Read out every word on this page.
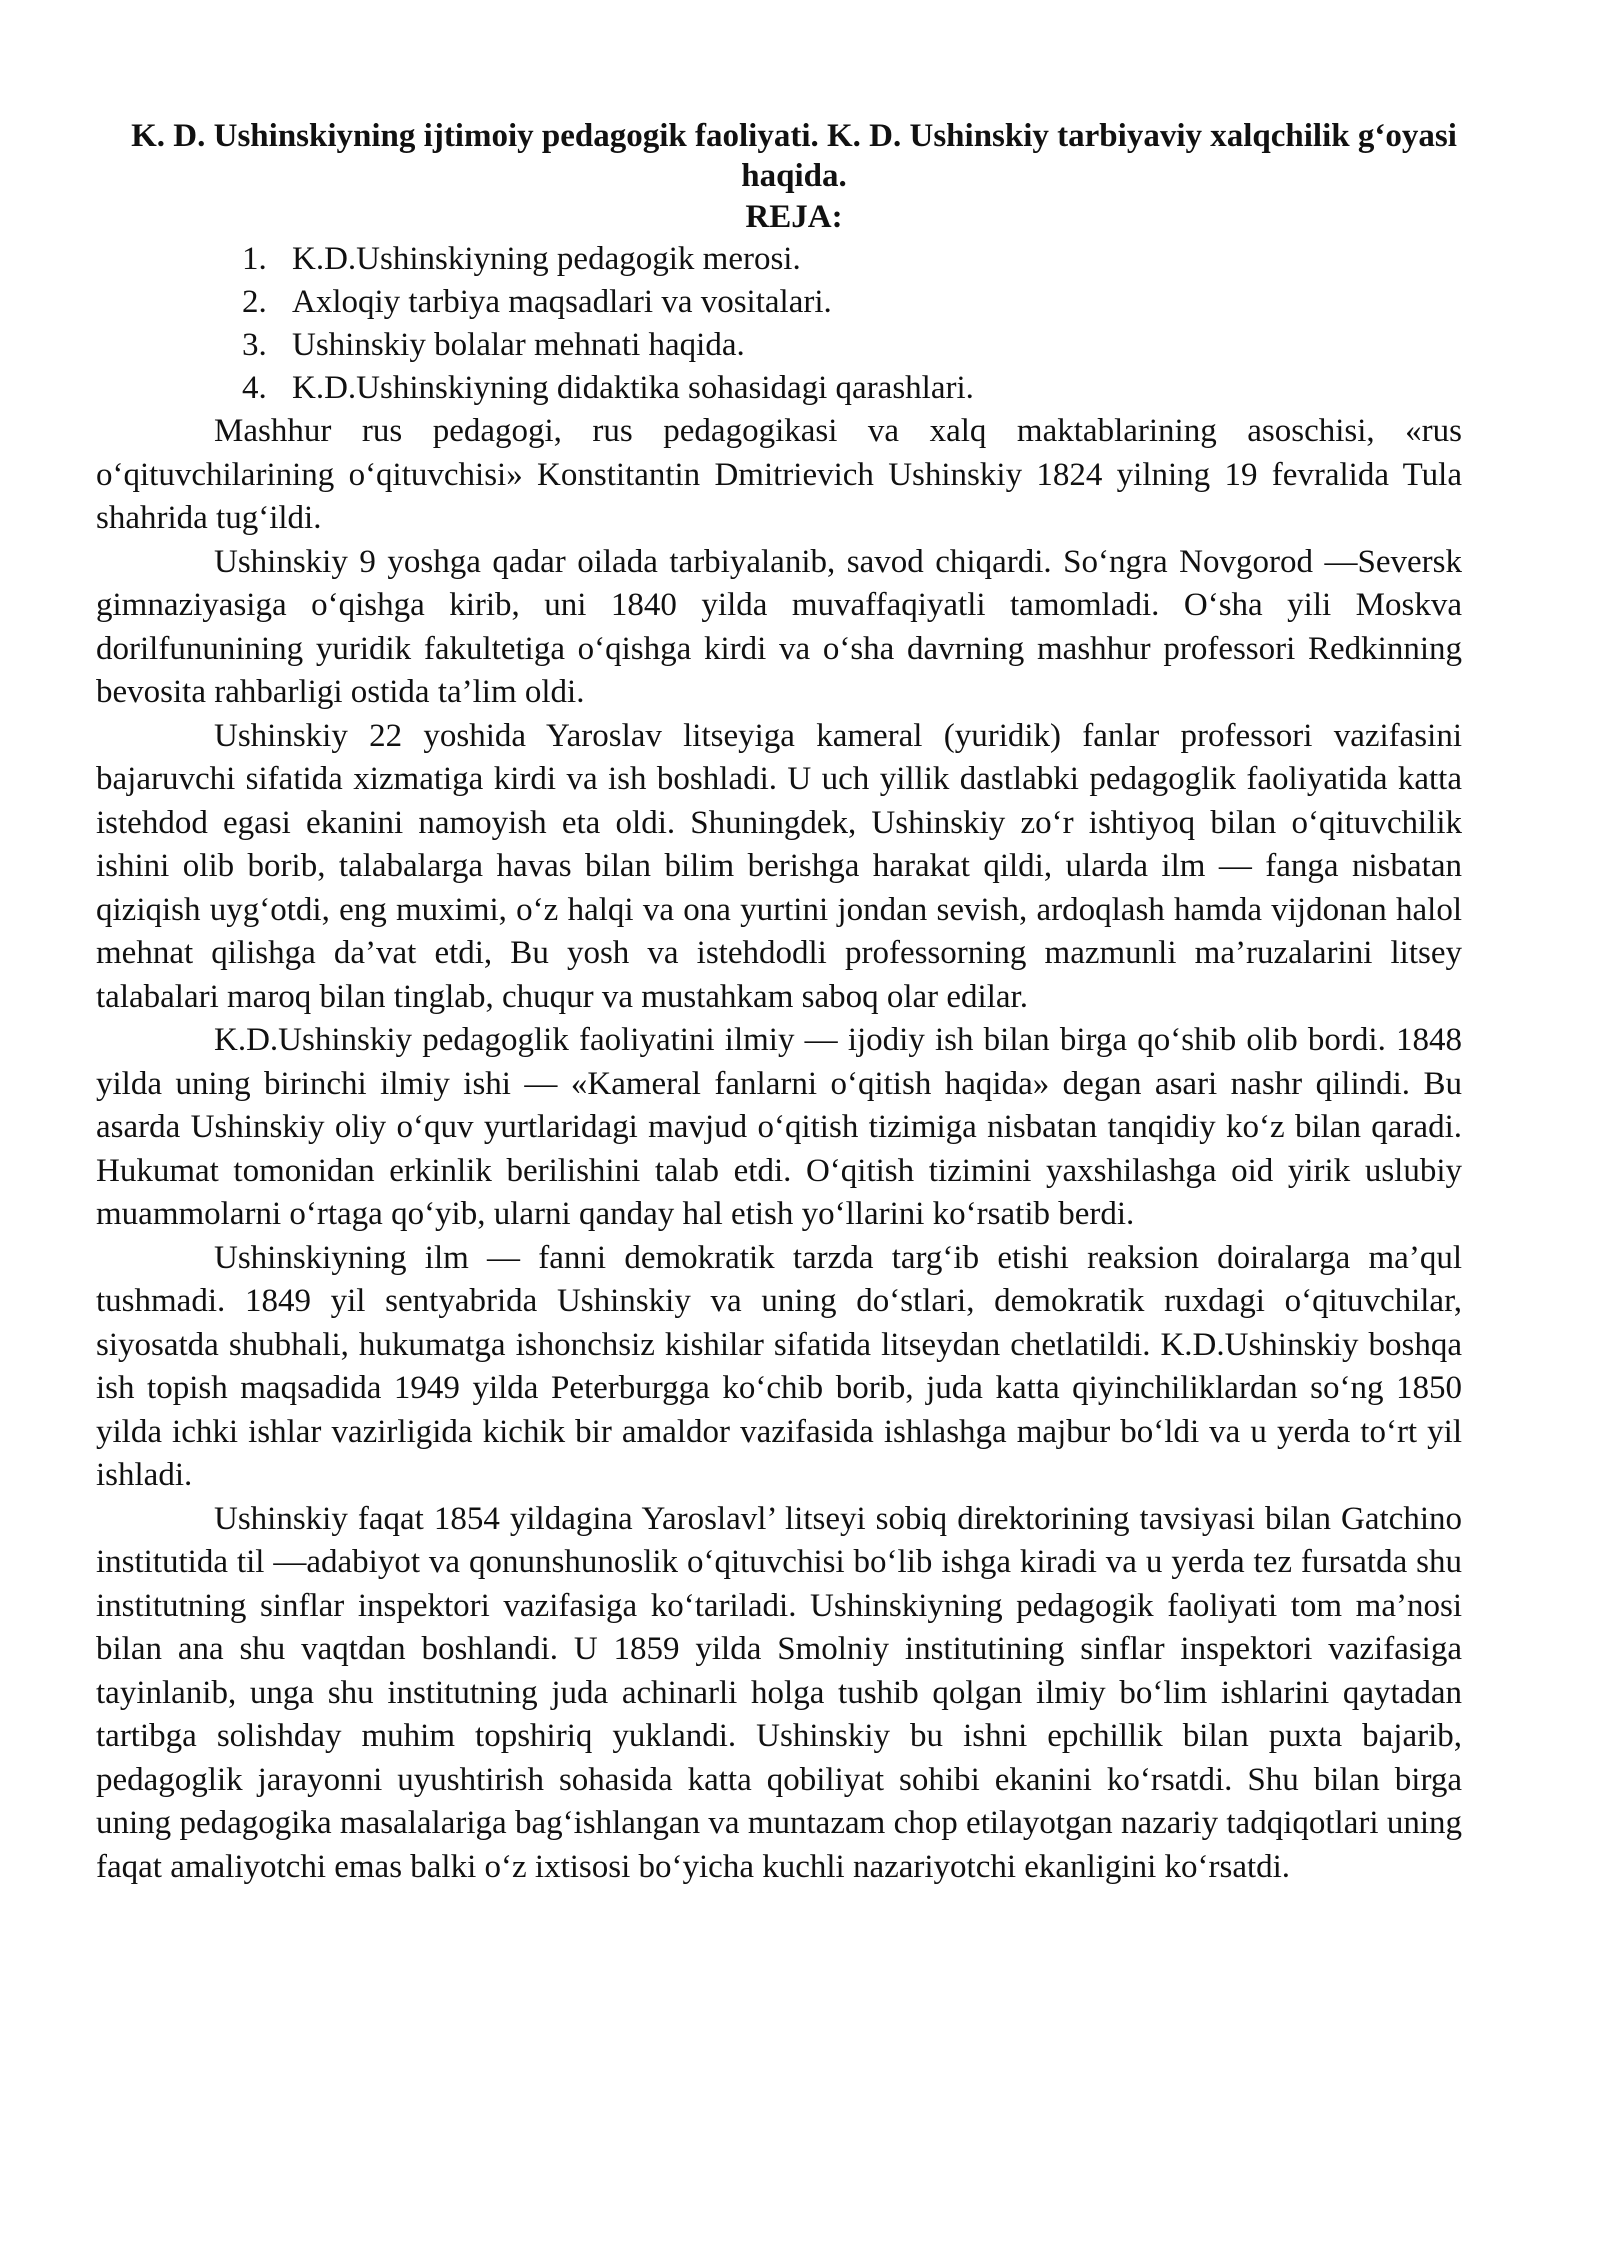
K. D. Ushinskiyning ijtimoiy pedagogik faoliyati. K. D. Ushinskiy tarbiyaviy xalqchilik g‘oyasi haqida.
REJA:
1. K.D.Ushinskiyning pedagogik merosi.
2. Axloqiy tarbiya maqsadlari va vositalari.
3. Ushinskiy bolalar mehnati haqida.
4. K.D.Ushinskiyning didaktika sohasidagi qarashlari.

Mashhur rus pedagogi, rus pedagogikasi va xalq maktablarining asoschisi, «rus o‘qituvchilarining o‘qituvchisi» Konstitantin Dmitrievich Ushinskiy 1824 yilning 19 fevralida Tula shahrida tug‘ildi.

Ushinskiy 9 yoshga qadar oilada tarbiyalanib, savod chiqardi. So‘ngra Novgorod —Seversk gimnaziyasiga o‘qishga kirib, uni 1840 yilda muvaffaqiyatli tamomladi. O‘sha yili Moskva dorilfununining yuridik fakultetiga o‘qishga kirdi va o‘sha davrning mashhur professori Redkinning bevosita rahbarligi ostida ta’lim oldi.

Ushinskiy 22 yoshida Yaroslav litseyiga kameral (yuridik) fanlar professori vazifasini bajaruvchi sifatida xizmatiga kirdi va ish boshladi. U uch yillik dastlabki pedagoglik faoliyatida katta istehdod egasi ekanini namoyish eta oldi. Shuningdek, Ushinskiy zo‘r ishtiyoq bilan o‘qituvchilik ishini olib borib, talabalarga havas bilan bilim berishga harakat qildi, ularda ilm — fanga nisbatan qiziqish uyg‘otdi, eng muximi, o‘z halqi va ona yurtini jondan sevish, ardoqlash hamda vijdonan halol mehnat qilishga da’vat etdi, Bu yosh va istehdodli professorning mazmunli ma’ruzalarini litsey talabalari maroq bilan tinglab, chuqur va mustahkam saboq olar edilar.

K.D.Ushinskiy pedagoglik faoliyatini ilmiy — ijodiy ish bilan birga qo‘shib olib bordi. 1848 yilda uning birinchi ilmiy ishi — «Kameral fanlarni o‘qitish haqida» degan asari nashr qilindi. Bu asarda Ushinskiy oliy o‘quv yurtlaridagi mavjud o‘qitish tizimiga nisbatan tanqidiy ko‘z bilan qaradi. Hukumat tomonidan erkinlik berilishini talab etdi. O‘qitish tizimini yaxshilashga oid yirik uslubiy muammolarni o‘rtaga qo‘yib, ularni qanday hal etish yo‘llarini ko‘rsatib berdi.

Ushinskiyning ilm — fanni demokratik tarzda targ‘ib etishi reaksion doiralarga ma’qul tushmadi. 1849 yil sentyabrida Ushinskiy va uning do‘stlari, demokratik ruxdagi o‘qituvchilar, siyosatda shubhali, hukumatga ishonchsiz kishilar sifatida litseydan chetlatildi. K.D.Ushinskiy boshqa ish topish maqsadida 1949 yilda Peterburgga ko‘chib borib, juda katta qiyinchiliklardan so‘ng 1850 yilda ichki ishlar vazirligida kichik bir amaldor vazifasida ishlashga majbur bo‘ldi va u yerda to‘rt yil ishladi.

Ushinskiy faqat 1854 yildagina Yaroslavl’ litseyi sobiq direktorining tavsiyasi bilan Gatchino institutida til —adabiyot va qonunshunoslik o‘qituvchisi bo‘lib ishga kiradi va u yerda tez fursatda shu institutning sinflar inspektori vazifasiga ko‘tariladi. Ushinskiyning pedagogik faoliyati tom ma’nosi bilan ana shu vaqtdan boshlandi. U 1859 yilda Smolniy institutining sinflar inspektori vazifasiga tayinlanib, unga shu institutning juda achinarli holga tushib qolgan ilmiy bo‘lim ishlarini qaytadan tartibga solishday muhim topshiriq yuklandi. Ushinskiy bu ishni epchillik bilan puxta bajarib, pedagoglik jarayonni uyushtirish sohasida katta qobiliyat sohibi ekanini ko‘rsatdi. Shu bilan birga uning pedagogika masalalariga bag‘ishlangan va muntazam chop etilayotgan nazariy tadqiqotlari uning faqat amaliyotchi emas balki o‘z ixtisosi bo‘yicha kuchli nazariyotchi ekanligini ko‘rsatdi.
